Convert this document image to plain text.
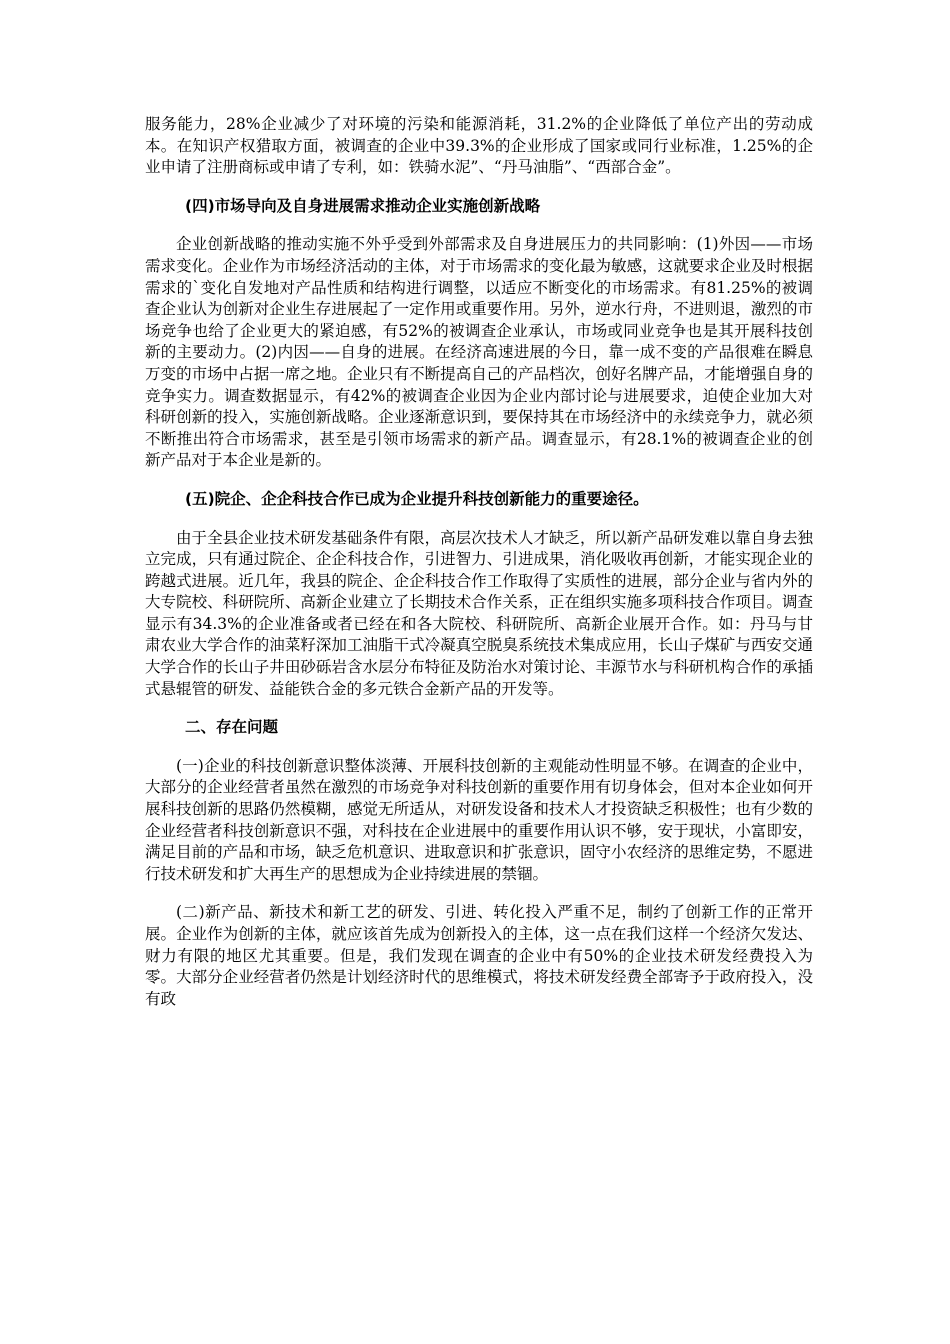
服务能力，28%企业减少了对环境的污染和能源消耗，31.2%的企业降低了单位产出的劳动成本。在知识产权猎取方面，被调查的企业中39.3%的企业形成了国家或同行业标准，1.25%的企业申请了注册商标或申请了专利，如：铁骑水泥”、“丹马油脂”、“西部合金”。

(四)市场导向及自身进展需求推动企业实施创新战略

企业创新战略的推动实施不外乎受到外部需求及自身进展压力的共同影响：(1)外因——市场需求变化。企业作为市场经济活动的主体，对于市场需求的变化最为敏感，这就要求企业及时根据需求的`变化自发地对产品性质和结构进行调整，以适应不断变化的市场需求。有81.25%的被调查企业认为创新对企业生存进展起了一定作用或重要作用。另外，逆水行舟，不进则退，激烈的市场竞争也给了企业更大的紧迫感，有52%的被调查企业承认，市场或同业竞争也是其开展科技创新的主要动力。(2)内因——自身的进展。在经济高速进展的今日，靠一成不变的产品很难在瞬息万变的市场中占据一席之地。企业只有不断提高自己的产品档次，创好名牌产品，才能增强自身的竞争实力。调查数据显示，有42%的被调查企业因为企业内部讨论与进展要求，迫使企业加大对科研创新的投入，实施创新战略。企业逐渐意识到，要保持其在市场经济中的永续竞争力，就必须不断推出符合市场需求，甚至是引领市场需求的新产品。调查显示，有28.1%的被调查企业的创新产品对于本企业是新的。

(五)院企、企企科技合作已成为企业提升科技创新能力的重要途径。

由于全县企业技术研发基础条件有限，高层次技术人才缺乏，所以新产品研发难以靠自身去独立完成，只有通过院企、企企科技合作，引进智力、引进成果，消化吸收再创新，才能实现企业的跨越式进展。近几年，我县的院企、企企科技合作工作取得了实质性的进展，部分企业与省内外的大专院校、科研院所、高新企业建立了长期技术合作关系，正在组织实施多项科技合作项目。调查显示有34.3%的企业准备或者已经在和各大院校、科研院所、高新企业展开合作。如：丹马与甘肃农业大学合作的油菜籽深加工油脂干式冷凝真空脱臭系统技术集成应用，长山子煤矿与西安交通大学合作的长山子井田砂砾岩含水层分布特征及防治水对策讨论、丰源节水与科研机构合作的承插式悬辊管的研发、益能铁合金的多元铁合金新产品的开发等。

二、存在问题

(一)企业的科技创新意识整体淡薄、开展科技创新的主观能动性明显不够。在调查的企业中，大部分的企业经营者虽然在激烈的市场竞争对科技创新的重要作用有切身体会，但对本企业如何开展科技创新的思路仍然模糊，感觉无所适从，对研发设备和技术人才投资缺乏积极性；也有少数的企业经营者科技创新意识不强，对科技在企业进展中的重要作用认识不够，安于现状，小富即安，满足目前的产品和市场，缺乏危机意识、进取意识和扩张意识，固守小农经济的思维定势，不愿进行技术研发和扩大再生产的思想成为企业持续进展的禁锢。

(二)新产品、新技术和新工艺的研发、引进、转化投入严重不足，制约了创新工作的正常开展。企业作为创新的主体，就应该首先成为创新投入的主体，这一点在我们这样一个经济欠发达、财力有限的地区尤其重要。但是，我们发现在调查的企业中有50%的企业技术研发经费投入为零。大部分企业经营者仍然是计划经济时代的思维模式，将技术研发经费全部寄予于政府投入，没有政
